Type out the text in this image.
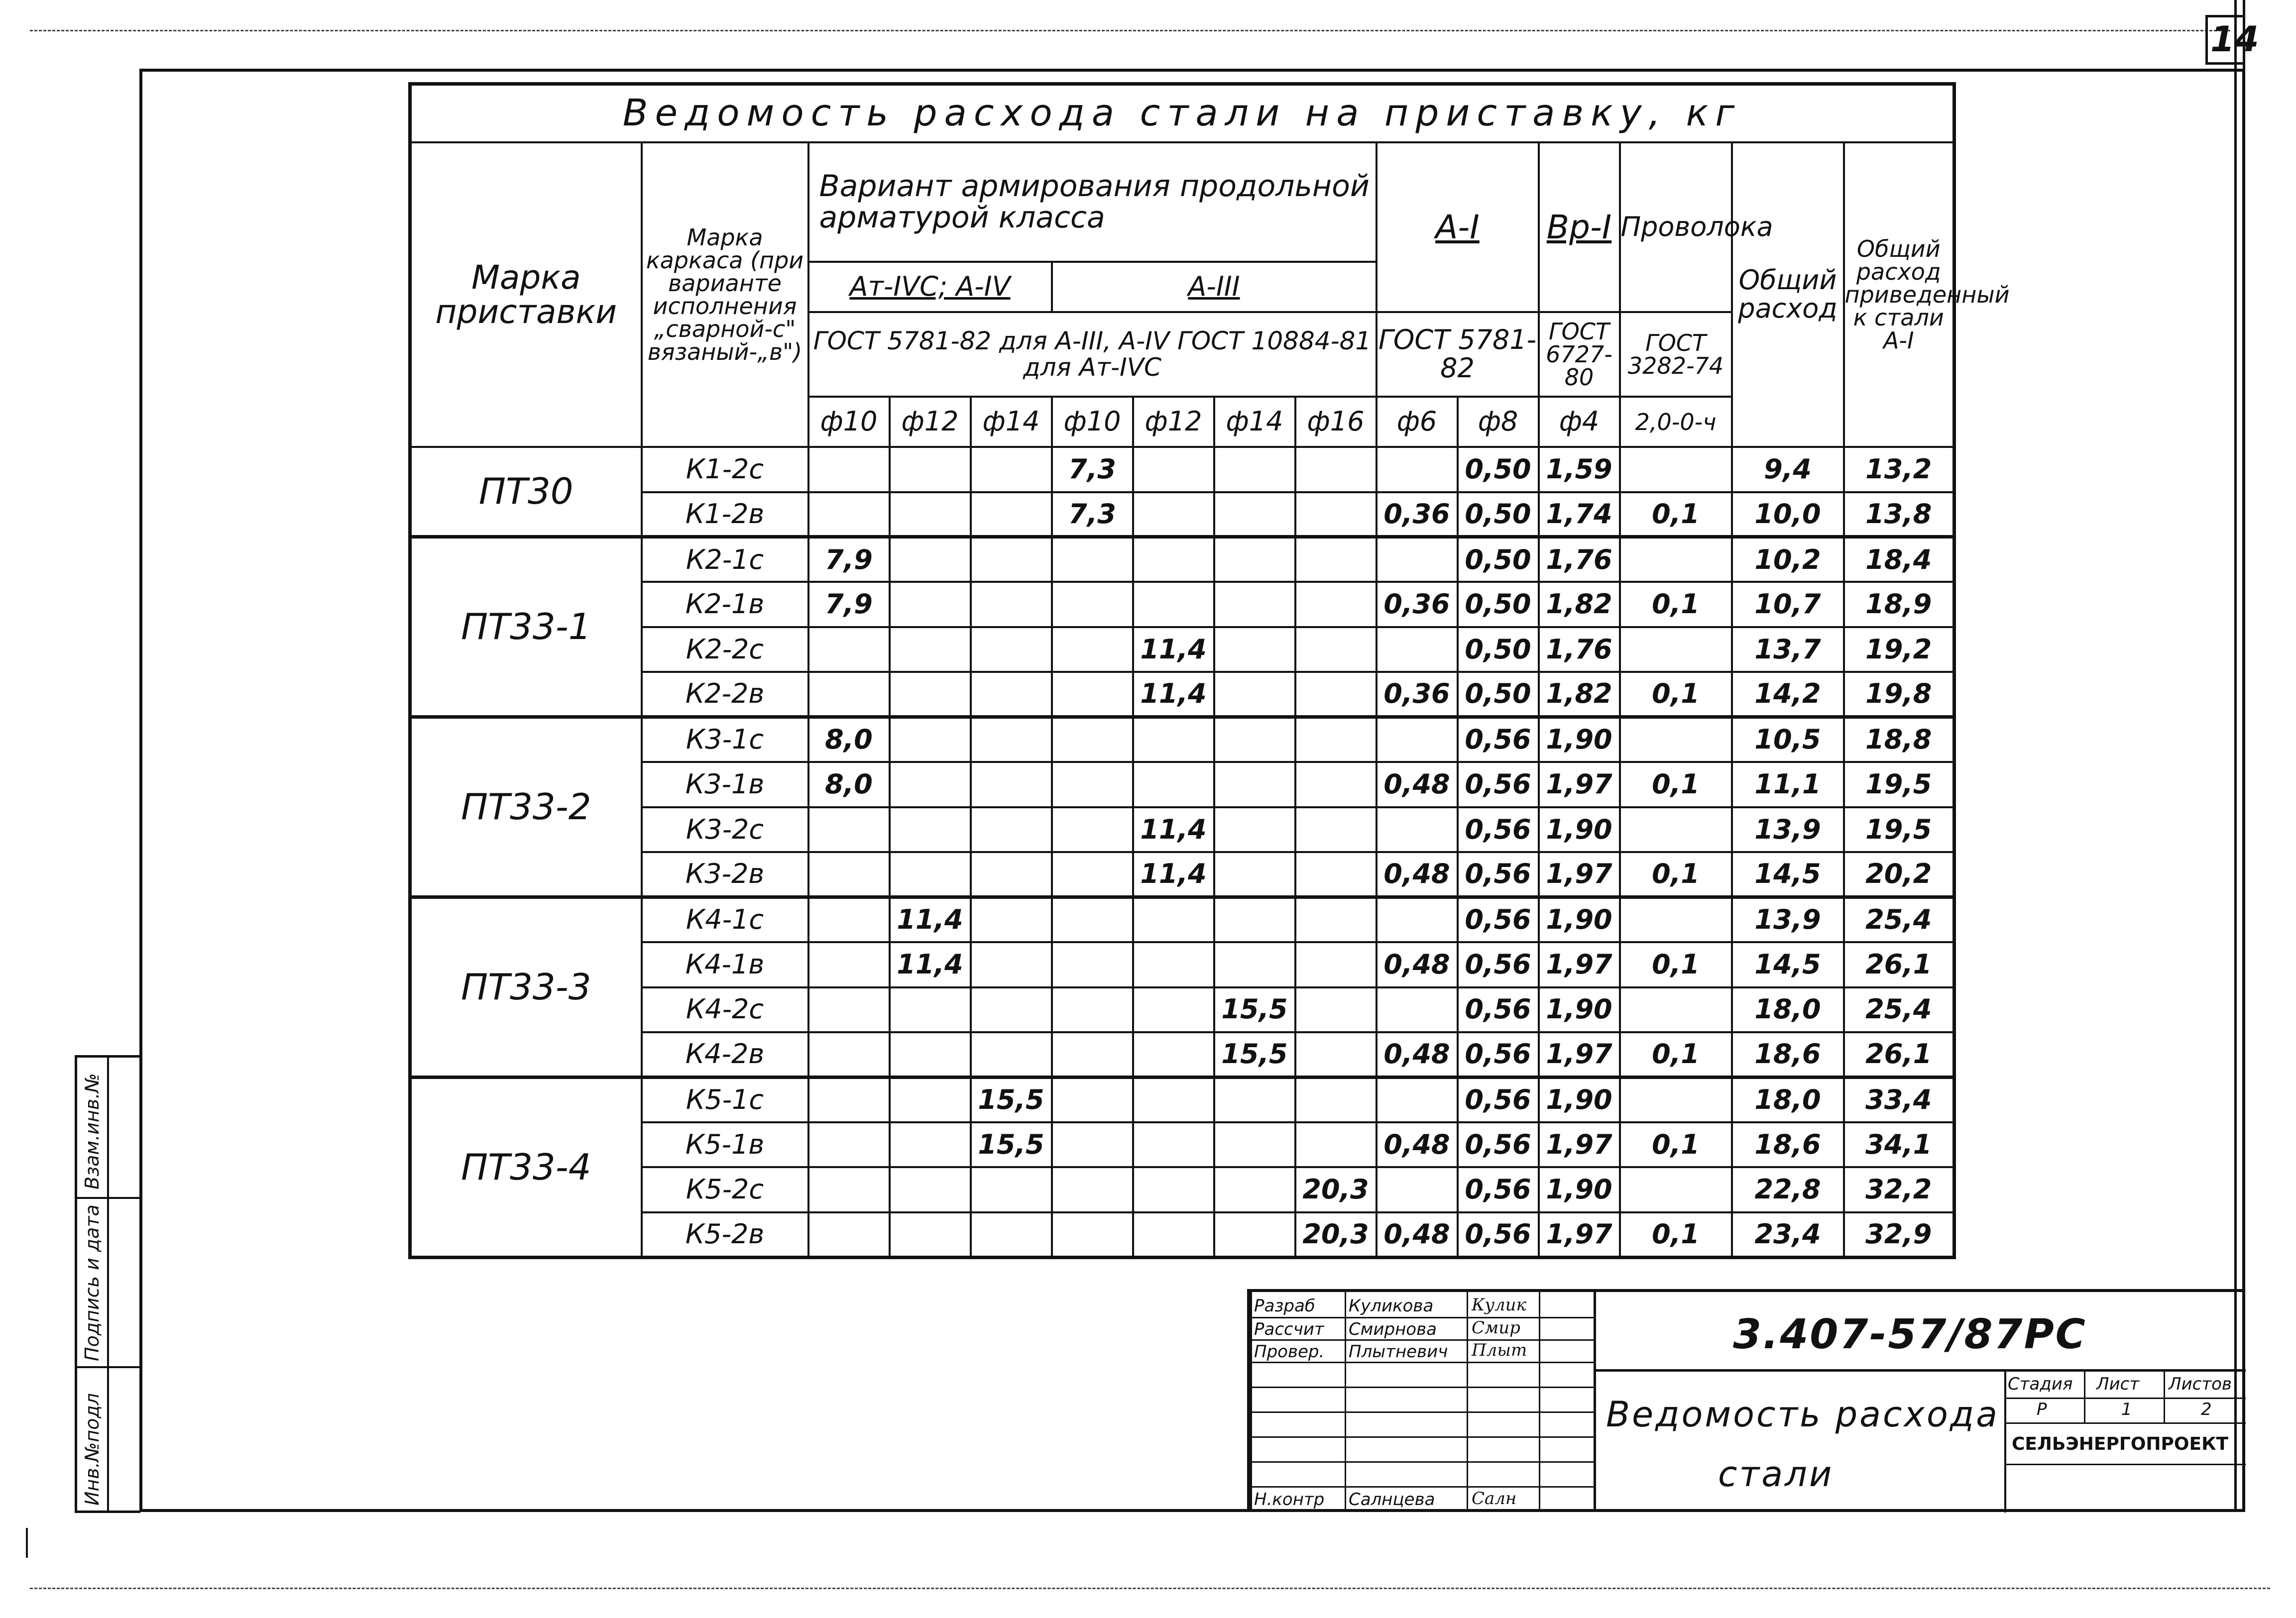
14
Инв.№подл
Подпись и дата
Взам.инв.№
Ведомость расхода стали на приставку, кг														
Марка приставки	Марка каркаса (при варианте исполнения „сварной-с" вязаный-„в")	Вариант армирования продольной арматурой класса							А-I		Вр-I	Проволока	Общий расход	Общий расход приведенный к стали А-I
		Ат-IVC; А-IV			А-III									
		ГОСТ 5781-82 для А-III, А-IV ГОСТ 10884-81 для Ат-IVC							ГОСТ 5781-82		ГОСТ 6727-80	ГОСТ 3282-74		
		ф10	ф12	ф14	ф10	ф12	ф14	ф16	ф6	ф8	ф4	2,0-0-ч		
ПТ30	К1-2с				7,3					0,50	1,59		9,4	13,2
	К1-2в				7,3				0,36	0,50	1,74	0,1	10,0	13,8
ПТ33-1	К2-1с	7,9								0,50	1,76		10,2	18,4
	К2-1в	7,9							0,36	0,50	1,82	0,1	10,7	18,9
	К2-2с					11,4				0,50	1,76		13,7	19,2
	К2-2в					11,4			0,36	0,50	1,82	0,1	14,2	19,8
ПТ33-2	К3-1с	8,0								0,56	1,90		10,5	18,8
	К3-1в	8,0							0,48	0,56	1,97	0,1	11,1	19,5
	К3-2с					11,4				0,56	1,90		13,9	19,5
	К3-2в					11,4			0,48	0,56	1,97	0,1	14,5	20,2
ПТ33-3	К4-1с		11,4							0,56	1,90		13,9	25,4
	К4-1в		11,4						0,48	0,56	1,97	0,1	14,5	26,1
	К4-2с						15,5			0,56	1,90		18,0	25,4
	К4-2в						15,5		0,48	0,56	1,97	0,1	18,6	26,1
ПТ33-4	К5-1с			15,5						0,56	1,90		18,0	33,4
	К5-1в			15,5					0,48	0,56	1,97	0,1	18,6	34,1
	К5-2с							20,3		0,56	1,90		22,8	32,2
	К5-2в							20,3	0,48	0,56	1,97	0,1	23,4	32,9
Разраб Куликова Кулик
Рассчит Смирнова Смир
Провер. Плытневич Плыт
Н.контр Салнцева Салн
3.407-57/87РС
Ведомость расхода
стали
Стадия Лист Листов
Р	1	2
СЕЛЬЭНЕРГОПРОЕКТ
